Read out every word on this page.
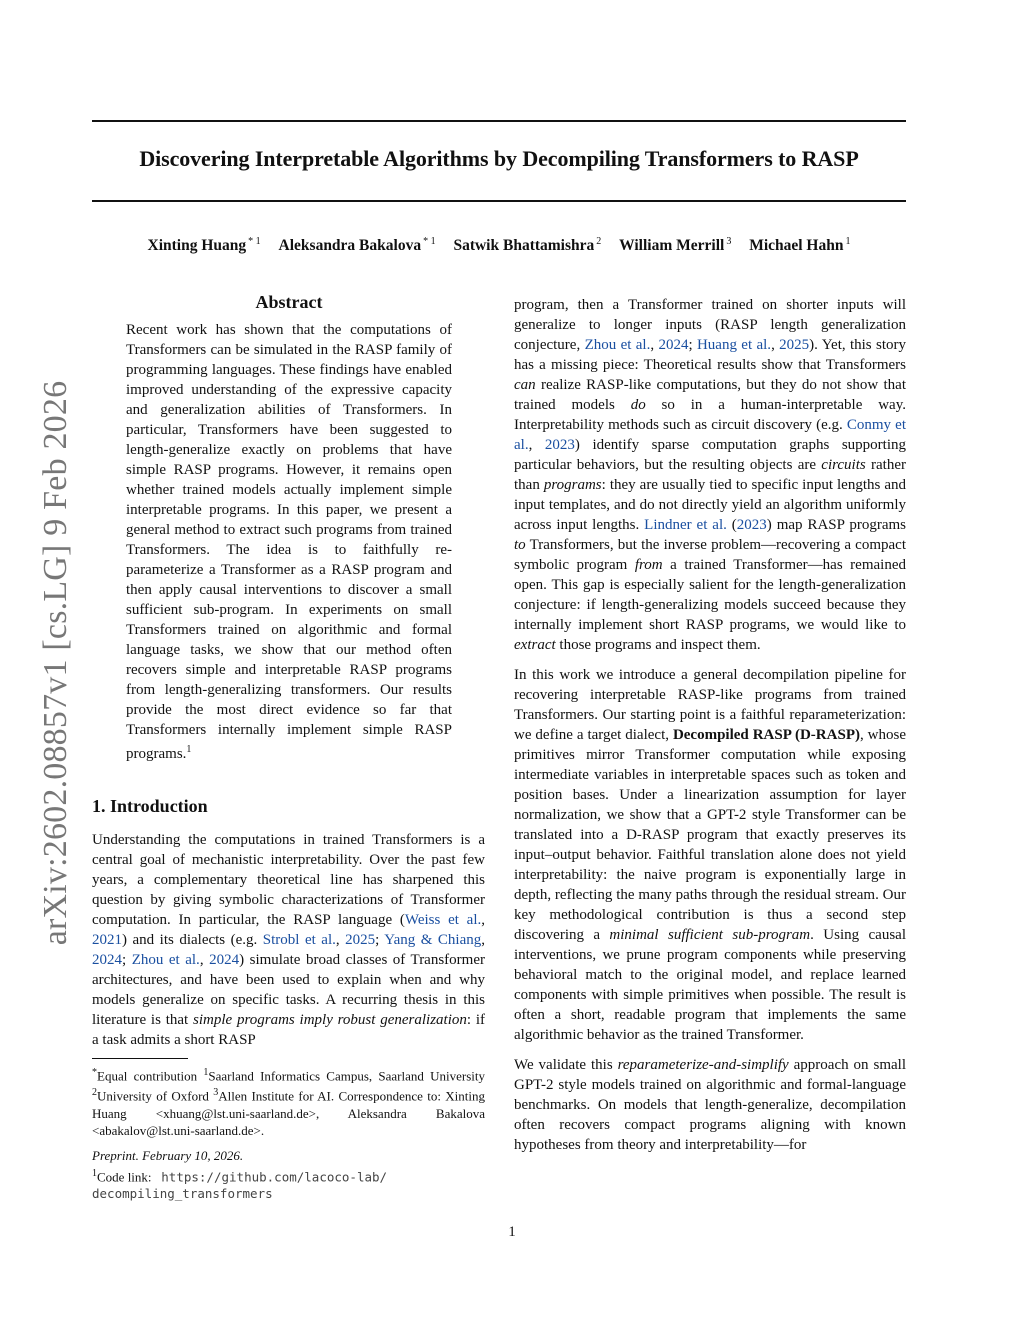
arXiv:2602.08857v1 [cs.LG] 9 Feb 2026
Discovering Interpretable Algorithms by Decompiling Transformers to RASP
Xinting Huang $^{* 1}$ Aleksandra Bakalova $^{* 1}$ Satwik Bhattamishra $^2$ William Merrill $^3$ Michael Hahn $^1$
Abstract
Recent work has shown that the computations of Transformers can be simulated in the RASP family of programming languages. These findings have enabled improved understanding of the expressive capacity and generalization abilities of Transformers. In particular, Transformers have been suggested to length-generalize exactly on problems that have simple RASP programs. However, it remains open whether trained models actually implement simple interpretable programs. In this paper, we present a general method to extract such programs from trained Transformers. The idea is to faithfully re-parameterize a Transformer as a RASP program and then apply causal interventions to discover a small sufficient sub-program. In experiments on small Transformers trained on algorithmic and formal language tasks, we show that our method often recovers simple and interpretable RASP programs from length-generalizing transformers. Our results provide the most direct evidence so far that Transformers internally implement simple RASP programs.$^1$
1. Introduction
Understanding the computations in trained Transformers is a central goal of mechanistic interpretability. Over the past few years, a complementary theoretical line has sharpened this question by giving symbolic characterizations of Transformer computation. In particular, the RASP language (Weiss et al., 2021) and its dialects (e.g. Strobl et al., 2025; Yang & Chiang, 2024; Zhou et al., 2024) simulate broad classes of Transformer architectures, and have been used to explain when and why models generalize on specific tasks. A recurring thesis in this literature is that simple programs imply robust generalization: if a task admits a short RASP
*Equal contribution $^1$Saarland Informatics Campus, Saarland University $^2$University of Oxford $^3$Allen Institute for AI. Correspondence to: Xinting Huang <xhuang@lst.uni-saarland.de>, Aleksandra Bakalova <abakalov@lst.uni-saarland.de>.
Preprint. February 10, 2026.
$^1$Code link: https://github.com/lacoco-lab/
decompiling_transformers

program, then a Transformer trained on shorter inputs will generalize to longer inputs (RASP length generalization conjecture, Zhou et al., 2024; Huang et al., 2025). Yet, this story has a missing piece: Theoretical results show that Transformers can realize RASP-like computations, but they do not show that trained models do so in a human-interpretable way. Interpretability methods such as circuit discovery (e.g. Conmy et al., 2023) identify sparse computation graphs supporting particular behaviors, but the resulting objects are circuits rather than programs: they are usually tied to specific input lengths and input templates, and do not directly yield an algorithm uniformly across input lengths. Lindner et al. (2023) map RASP programs to Transformers, but the inverse problem—recovering a compact symbolic program from a trained Transformer—has remained open. This gap is especially salient for the length-generalization conjecture: if length-generalizing models succeed because they internally implement short RASP programs, we would like to extract those programs and inspect them.

In this work we introduce a general decompilation pipeline for recovering interpretable RASP-like programs from trained Transformers. Our starting point is a faithful reparameterization: we define a target dialect, Decompiled RASP (D-RASP), whose primitives mirror Transformer computation while exposing intermediate variables in interpretable spaces such as token and position bases. Under a linearization assumption for layer normalization, we show that a GPT-2 style Transformer can be translated into a D-RASP program that exactly preserves its input–output behavior. Faithful translation alone does not yield interpretability: the naive program is exponentially large in depth, reflecting the many paths through the residual stream. Our key methodological contribution is thus a second step discovering a minimal sufficient sub-program. Using causal interventions, we prune program components while preserving behavioral match to the original model, and replace learned components with simple primitives when possible. The result is often a short, readable program that implements the same algorithmic behavior as the trained Transformer.

We validate this reparameterize-and-simplify approach on small GPT-2 style models trained on algorithmic and formal-language benchmarks. On models that length-generalize, decompilation often recovers compact programs aligning with known hypotheses from theory and interpretability—for

1
